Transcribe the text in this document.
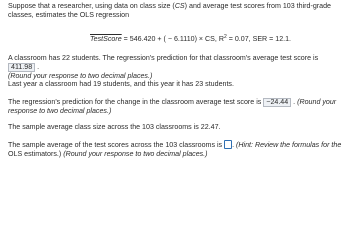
Suppose that a researcher, using data on class size (CS) and average test scores from 103 third-grade
classes, estimates the OLS regression
TestScore = 546.420 + ( − 6.1110) × CS, $R^2 = 0.07$, SER = 12.1.
A classroom has 22 students. The regression's prediction for that classroom's average test score is 411.98 .
(Round your response to two decimal places.)
Last year a classroom had 19 students, and this year it has 23 students.
The regression's prediction for the change in the classroom average test score is −24.44 . (Round your
response to two decimal places.)
The sample average class size across the 103 classrooms is 22.47.
The sample average of the test scores across the 103 classrooms is . (Hint: Review the formulas for the
OLS estimators.) (Round your response to two decimal places.)
